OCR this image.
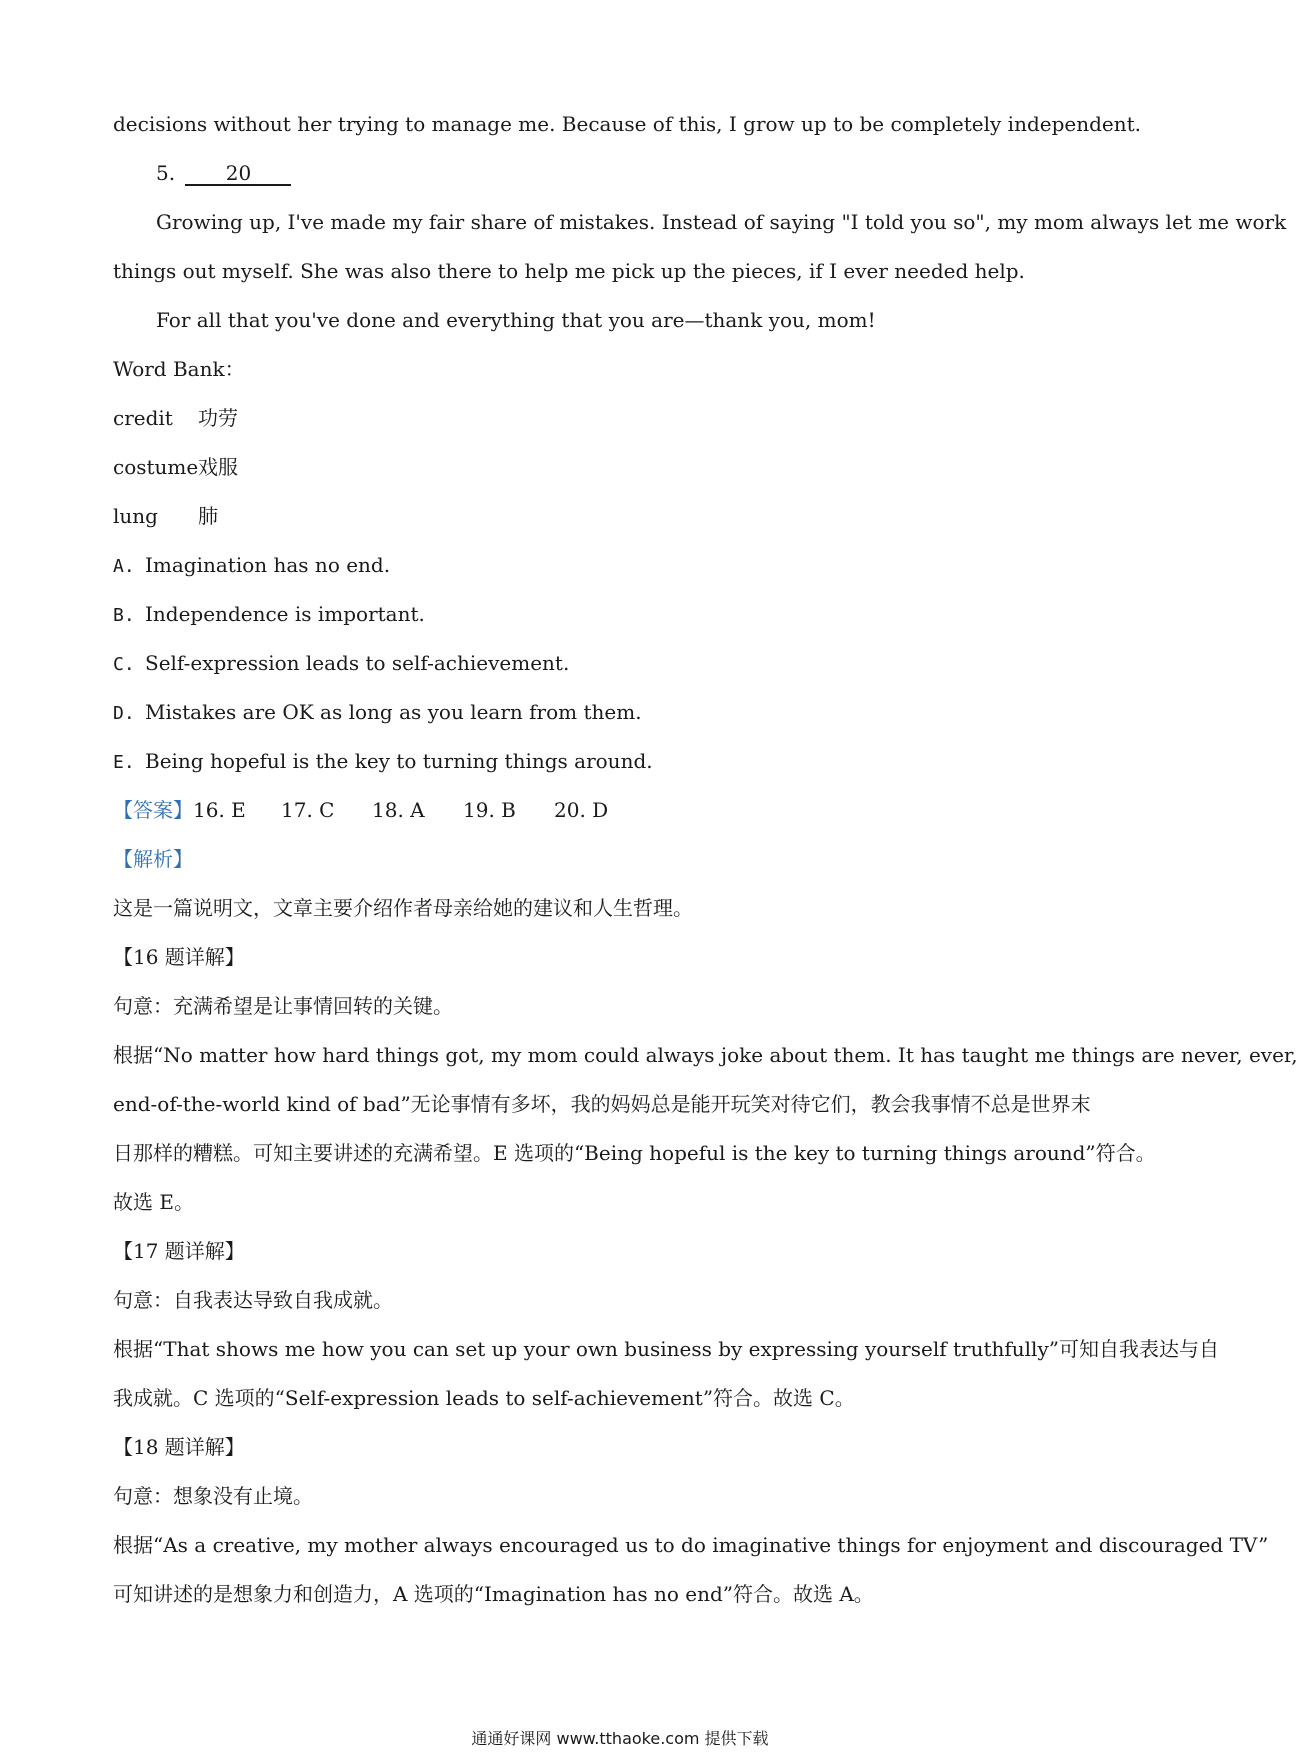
decisions without her trying to manage me. Because of this, I grow up to be completely independent.
5.	20
Growing up, I've made my fair share of mistakes. Instead of saying "I told you so", my mom always let me work
things out myself. She was also there to help me pick up the pieces, if I ever needed help.
For all that you've done and everything that you are—thank you, mom!
Word Bank：
credit 功劳
costume戏服
lung 肺
A. Imagination has no end.
B. Independence is important.
C. Self-expression leads to self-achievement.
D. Mistakes are OK as long as you learn from them.
E. Being hopeful is the key to turning things around.
【答案】16. E 17. C 18. A 19. B 20. D
【解析】
这是一篇说明文，文章主要介绍作者母亲给她的建议和人生哲理。
【16 题详解】
句意：充满希望是让事情回转的关键。
根据“No matter how hard things got, my mom could always joke about them. It has taught me things are never, ever,
end-of-the-world kind of bad”无论事情有多坏，我的妈妈总是能开玩笑对待它们，教会我事情不总是世界末
日那样的糟糕。可知主要讲述的充满希望。E 选项的“Being hopeful is the key to turning things around”符合。
故选 E。
【17 题详解】
句意：自我表达导致自我成就。
根据“That shows me how you can set up your own business by expressing yourself truthfully”可知自我表达与自
我成就。C 选项的“Self-expression leads to self-achievement”符合。故选 C。
【18 题详解】
句意：想象没有止境。
根据“As a creative, my mother always encouraged us to do imaginative things for enjoyment and discouraged TV”
可知讲述的是想象力和创造力，A 选项的“Imagination has no end”符合。故选 A。
通通好课网 www.tthaoke.com 提供下载
